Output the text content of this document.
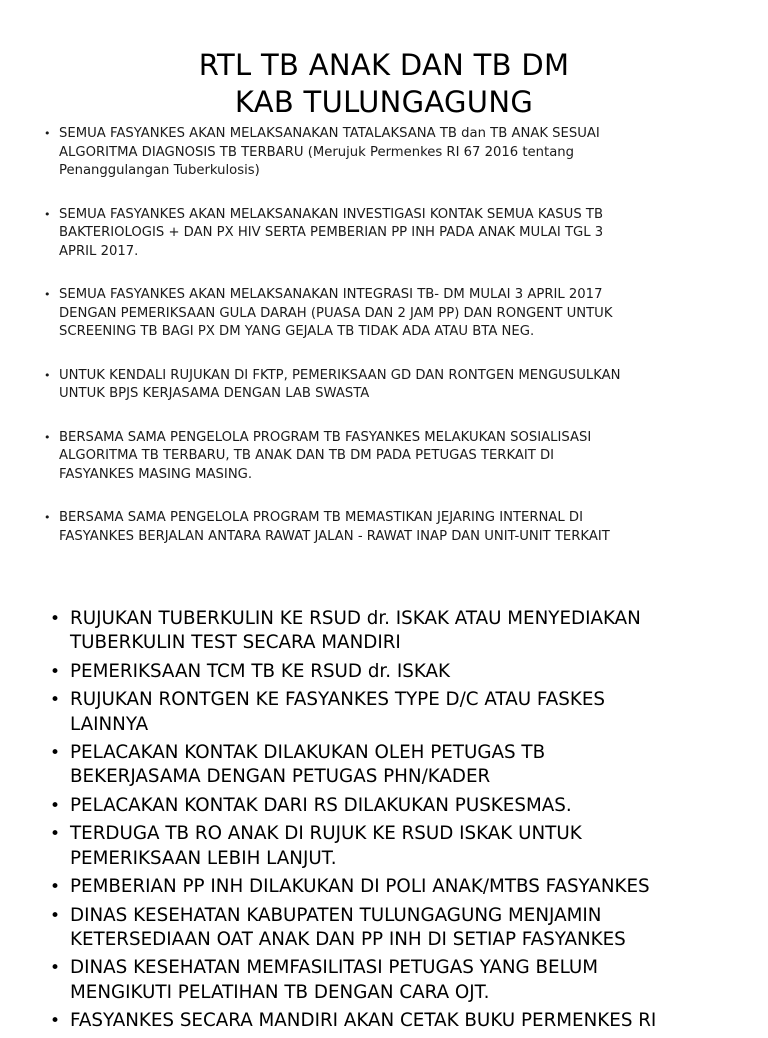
RTL TB ANAK DAN TB DM
KAB TULUNGAGUNG
• SEMUA FASYANKES AKAN MELAKSANAKAN TATALAKSANA TB dan TB ANAK SESUAI
ALGORITMA DIAGNOSIS TB TERBARU (Merujuk Permenkes RI 67 2016 tentang
Penanggulangan Tuberkulosis)
• SEMUA FASYANKES AKAN MELAKSANAKAN INVESTIGASI KONTAK SEMUA KASUS TB
BAKTERIOLOGIS + DAN PX HIV SERTA PEMBERIAN PP INH PADA ANAK MULAI TGL 3
APRIL 2017.
• SEMUA FASYANKES AKAN MELAKSANAKAN INTEGRASI TB- DM MULAI 3 APRIL 2017
DENGAN PEMERIKSAAN GULA DARAH (PUASA DAN 2 JAM PP) DAN RONGENT UNTUK
SCREENING TB BAGI PX DM YANG GEJALA TB TIDAK ADA ATAU BTA NEG.
• UNTUK KENDALI RUJUKAN DI FKTP, PEMERIKSAAN GD DAN RONTGEN MENGUSULKAN
UNTUK BPJS KERJASAMA DENGAN LAB SWASTA
• BERSAMA SAMA PENGELOLA PROGRAM TB FASYANKES MELAKUKAN SOSIALISASI
ALGORITMA TB TERBARU, TB ANAK DAN TB DM PADA PETUGAS TERKAIT DI
FASYANKES MASING MASING.
• BERSAMA SAMA PENGELOLA PROGRAM TB MEMASTIKAN JEJARING INTERNAL DI
FASYANKES BERJALAN ANTARA RAWAT JALAN - RAWAT INAP DAN UNIT-UNIT TERKAIT
• RUJUKAN TUBERKULIN KE RSUD dr. ISKAK ATAU MENYEDIAKAN
TUBERKULIN TEST SECARA MANDIRI
• PEMERIKSAAN TCM TB KE RSUD dr. ISKAK
• RUJUKAN RONTGEN KE FASYANKES TYPE D/C ATAU FASKES
LAINNYA
• PELACAKAN KONTAK DILAKUKAN OLEH PETUGAS TB
BEKERJASAMA DENGAN PETUGAS PHN/KADER
• PELACAKAN KONTAK DARI RS DILAKUKAN PUSKESMAS.
• TERDUGA TB RO ANAK DI RUJUK KE RSUD ISKAK UNTUK
PEMERIKSAAN LEBIH LANJUT.
• PEMBERIAN PP INH DILAKUKAN DI POLI ANAK/MTBS FASYANKES
• DINAS KESEHATAN KABUPATEN TULUNGAGUNG MENJAMIN
KETERSEDIAAN OAT ANAK DAN PP INH DI SETIAP FASYANKES
• DINAS KESEHATAN MEMFASILITASI PETUGAS YANG BELUM
MENGIKUTI PELATIHAN TB DENGAN CARA OJT.
• FASYANKES SECARA MANDIRI AKAN CETAK BUKU PERMENKES RI
